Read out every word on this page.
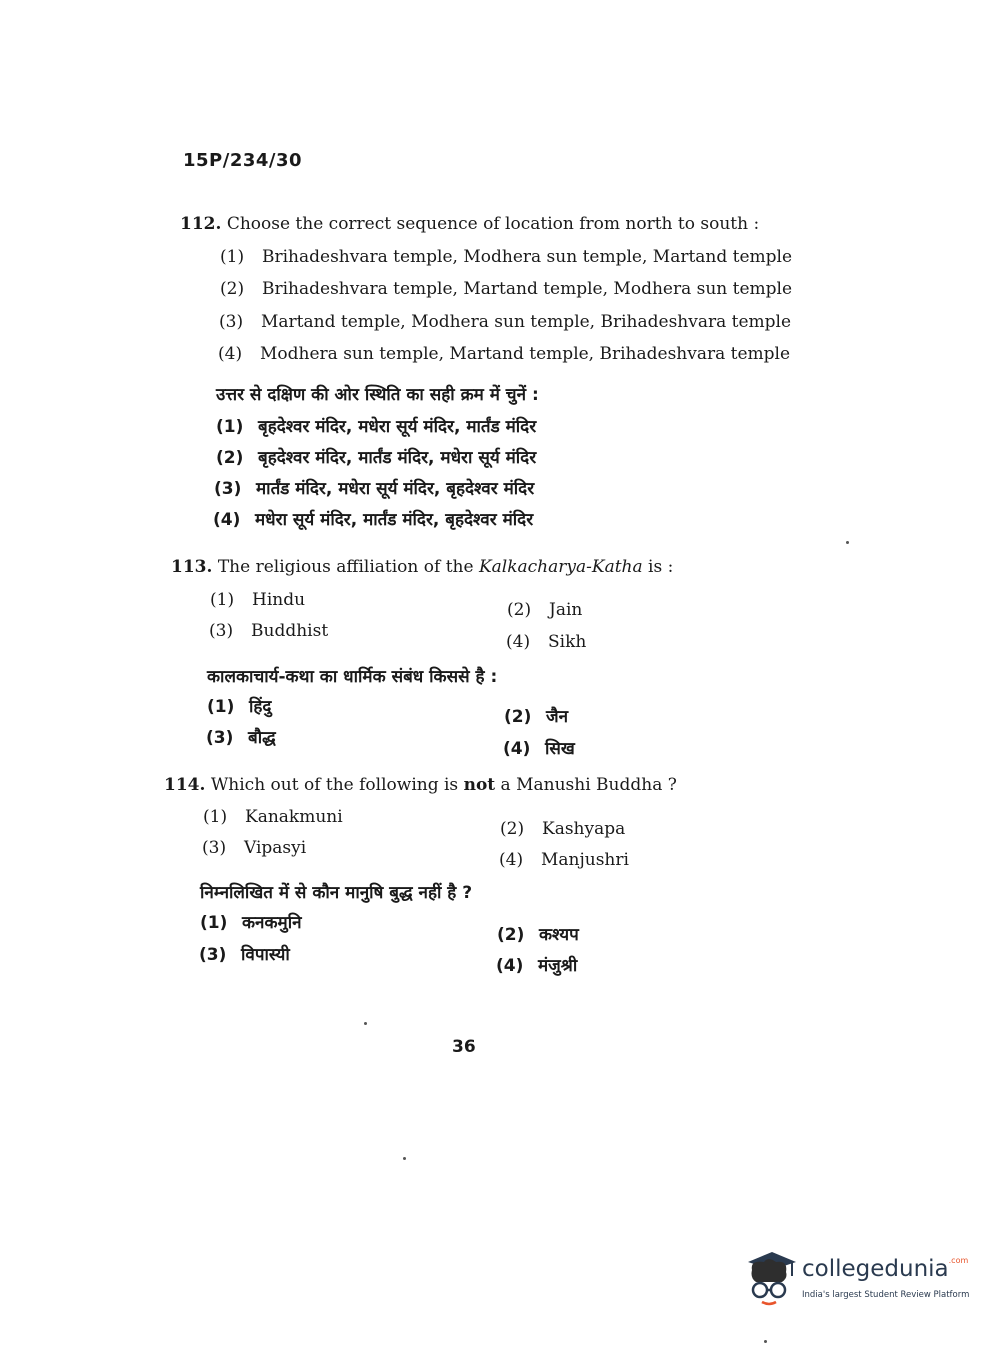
15P/234/30
112. Choose the correct sequence of location from north to south :
(1) Brihadeshvara temple, Modhera sun temple, Martand temple
(2) Brihadeshvara temple, Martand temple, Modhera sun temple
(3) Martand temple, Modhera sun temple, Brihadeshvara temple
(4) Modhera sun temple, Martand temple, Brihadeshvara temple
उत्तर से दक्षिण की ओर स्थिति का सही क्रम में चुनें :
(1) बृहदेश्वर मंदिर, मधेरा सूर्य मंदिर, मार्तंड मंदिर
(2) बृहदेश्वर मंदिर, मार्तंड मंदिर, मधेरा सूर्य मंदिर
(3) मार्तंड मंदिर, मधेरा सूर्य मंदिर, बृहदेश्वर मंदिर
(4) मधेरा सूर्य मंदिर, मार्तंड मंदिर, बृहदेश्वर मंदिर
113. The religious affiliation of the Kalkacharya-Katha is :
(1) Hindu	(2) Jain
(3) Buddhist
(4) Sikh
कालकाचार्य-कथा का धार्मिक संबंध किससे है :
(1) हिंदु	(2) जैन
(3) बौद्ध
(4) सिख
114. Which out of the following is not a Manushi Buddha ?
(1) Kanakmuni
(2) Kashyapa
(3) Vipasyi
(4) Manjushri
निम्नलिखित में से कौन मानुषि बुद्ध नहीं है ?
(1) कनकमुनि
(2) कश्यप
(3) विपास्यी
(4) मंजुश्री
36
collegedunia$^{.com}$
India's largest Student Review Platform
